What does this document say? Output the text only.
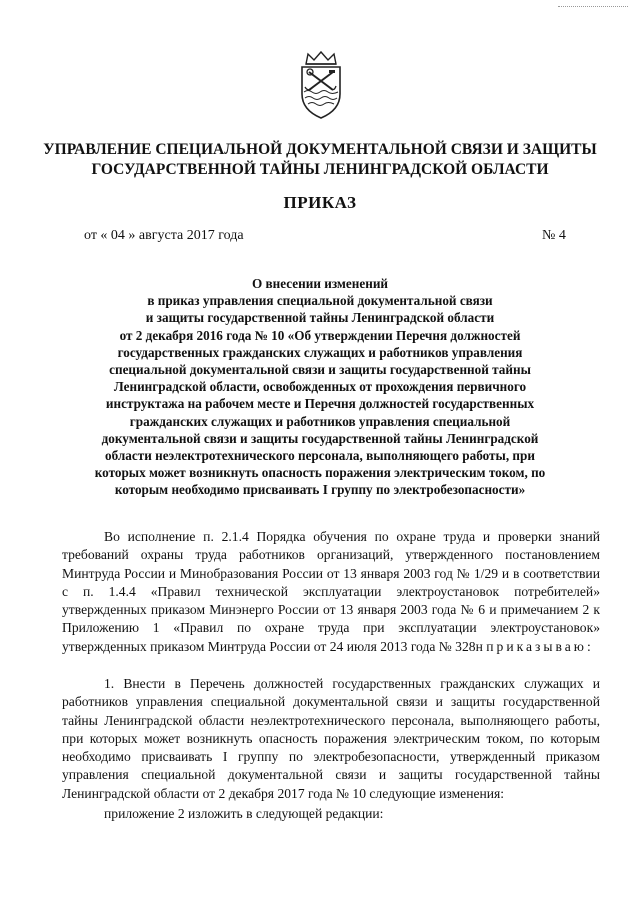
УПРАВЛЕНИЕ СПЕЦИАЛЬНОЙ ДОКУМЕНТАЛЬНОЙ СВЯЗИ И ЗАЩИТЫ
ГОСУДАРСТВЕННОЙ ТАЙНЫ ЛЕНИНГРАДСКОЙ ОБЛАСТИ
ПРИКАЗ
от « 04 » августа 2017 года	№ 4
О внесении изменений
в приказ управления специальной документальной связи
и защиты государственной тайны Ленинградской области
от 2 декабря 2016 года № 10 «Об утверждении Перечня должностей
государственных гражданских служащих и работников управления
специальной документальной связи и защиты государственной тайны
Ленинградской области, освобожденных от прохождения первичного
инструктажа на рабочем месте и Перечня должностей государственных
гражданских служащих и работников управления специальной
документальной связи и защиты государственной тайны Ленинградской
области неэлектротехнического персонала, выполняющего работы, при
которых может возникнуть опасность поражения электрическим током, по
которым необходимо присваивать I группу по электробезопасности»
Во исполнение п. 2.1.4 Порядка обучения по охране труда и проверки знаний требований охраны труда работников организаций, утвержденного постановлением Минтруда России и Минобразования России от 13 января 2003 год № 1/29 и в соответствии с п. 1.4.4 «Правил технической эксплуатации электроустановок потребителей» утвержденных приказом Минэнерго России от 13 января 2003 года № 6 и примечанием 2 к Приложению 1 «Правил по охране труда при эксплуатации электроустановок» утвержденных приказом Минтруда России от 24 июля 2013 года № 328н приказываю:
1. Внести в Перечень должностей государственных гражданских служащих и работников управления специальной документальной связи и защиты государственной тайны Ленинградской области неэлектротехнического персонала, выполняющего работы, при которых может возникнуть опасность поражения электрическим током, по которым необходимо присваивать I группу по электробезопасности, утвержденный приказом управления специальной документальной связи и защиты государственной тайны Ленинградской области от 2 декабря 2017 года № 10 следующие изменения:
приложение 2 изложить в следующей редакции:
